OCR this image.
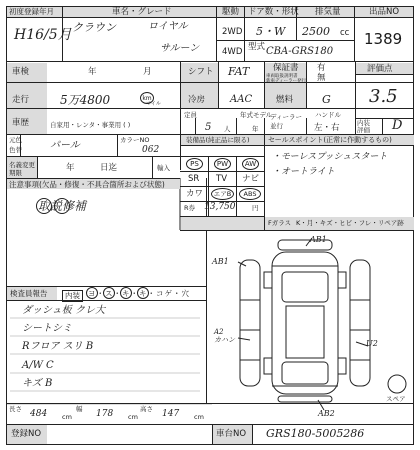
初度登録年月
H16/5月
車名・グレード
クラウン	ロイヤル
サルーン
駆動
2WD
4WD
ドア数・形状
5・W
排気量
2500 cc
型式 CBA-GRS180
出品NO
1389
車検	年	月	シフト FAT	保証書
車両取扱説明書
新車ディーラー発行
有
無
評価点
3.5
走行	5万4800	km
マイル	冷房 AAC	燃料	G
車歴	自家用・レンタ・事業用 ( )
定員
5 人
年式モデル
年
ディーラー
並行
ハンドル
左・右	内装
評価 D
元色
色替	パール	カラーNO
062
名義変更期限	年	日迄	輸入
装備品(純正品に限る)
PS	PW	AW
SR TV ナビ
カワ	エアB	ABS
R券 13,750	円
セールスポイント(正常に作動するもの)
・モーレスプッシュスタート
・オートライト
Fガラス K・月・キズ・ヒビ・フレ・リペア跡
注意事項(欠品・修復・不具合箇所および状態)
取説修補
検査員報告	内装	ヨ・ス・キ・キ・コゲ・穴
ダッシュ板 クレ大
シートシミ
Rフロア スリ B
A/W C
キズ B
AB1
AB1
A2
カハン	U2
AB2
スペア
長さ 484 cm
幅 178 cm
高さ 147 cm
登録NO	車台NO GRS180-5005286
